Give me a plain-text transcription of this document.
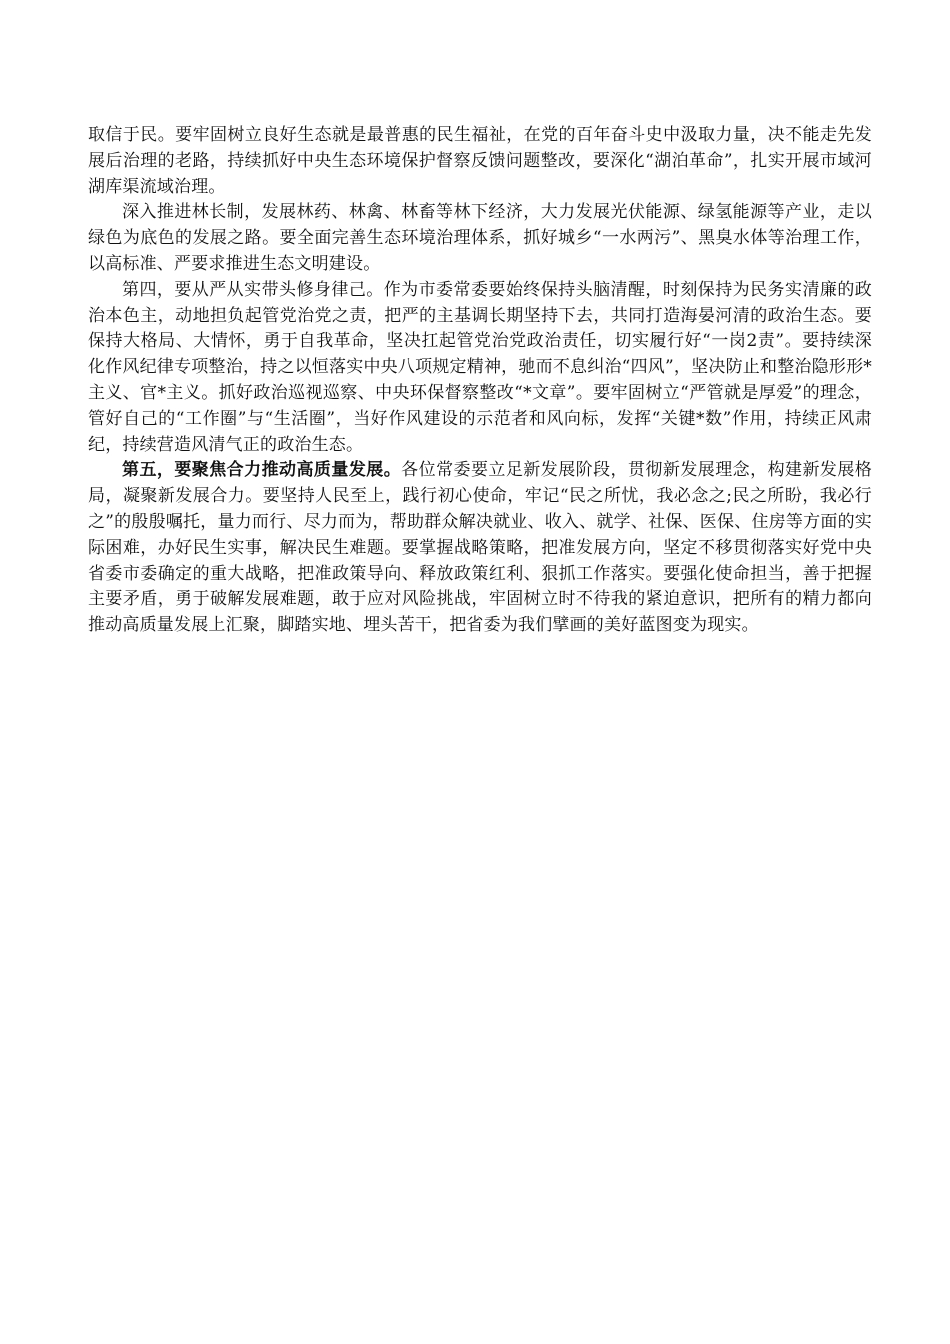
取信于民。要牢固树立良好生态就是最普惠的民生福祉，在党的百年奋斗史中汲取力量，决不能走先发展后治理的老路，持续抓好中央生态环境保护督察反馈问题整改，要深化“湖泊革命”，扎实开展市域河湖库渠流域治理。

深入推进林长制，发展林药、林禽、林畜等林下经济，大力发展光伏能源、绿氢能源等产业，走以绿色为底色的发展之路。要全面完善生态环境治理体系，抓好城乡“一水两污”、黑臭水体等治理工作，以高标准、严要求推进生态文明建设。

第四，要从严从实带头修身律己。作为市委常委要始终保持头脑清醒，时刻保持为民务实清廉的政治本色主，动地担负起管党治党之责，把严的主基调长期坚持下去，共同打造海晏河清的政治生态。要保持大格局、大情怀，勇于自我革命，坚决扛起管党治党政治责任，切实履行好“一岗2责”。要持续深化作风纪律专项整治，持之以恒落实中央八项规定精神，驰而不息纠治“四风”，坚决防止和整治隐形形*主义、官*主义。抓好政治巡视巡察、中央环保督察整改“*文章”。要牢固树立“严管就是厚爱”的理念，管好自己的“工作圈”与“生活圈”，当好作风建设的示范者和风向标，发挥“关键*数”作用，持续正风肃纪，持续营造风清气正的政治生态。

第五，要聚焦合力推动高质量发展。各位常委要立足新发展阶段，贯彻新发展理念，构建新发展格局，凝聚新发展合力。要坚持人民至上，践行初心使命，牢记“民之所忧，我必念之;民之所盼，我必行之”的殷殷嘱托，量力而行、尽力而为，帮助群众解决就业、收入、就学、社保、医保、住房等方面的实际困难，办好民生实事，解决民生难题。要掌握战略策略，把准发展方向，坚定不移贯彻落实好党中央省委市委确定的重大战略，把准政策导向、释放政策红利、狠抓工作落实。要强化使命担当，善于把握主要矛盾，勇于破解发展难题，敢于应对风险挑战，牢固树立时不待我的紧迫意识，把所有的精力都向推动高质量发展上汇聚，脚踏实地、埋头苦干，把省委为我们擘画的美好蓝图变为现实。
